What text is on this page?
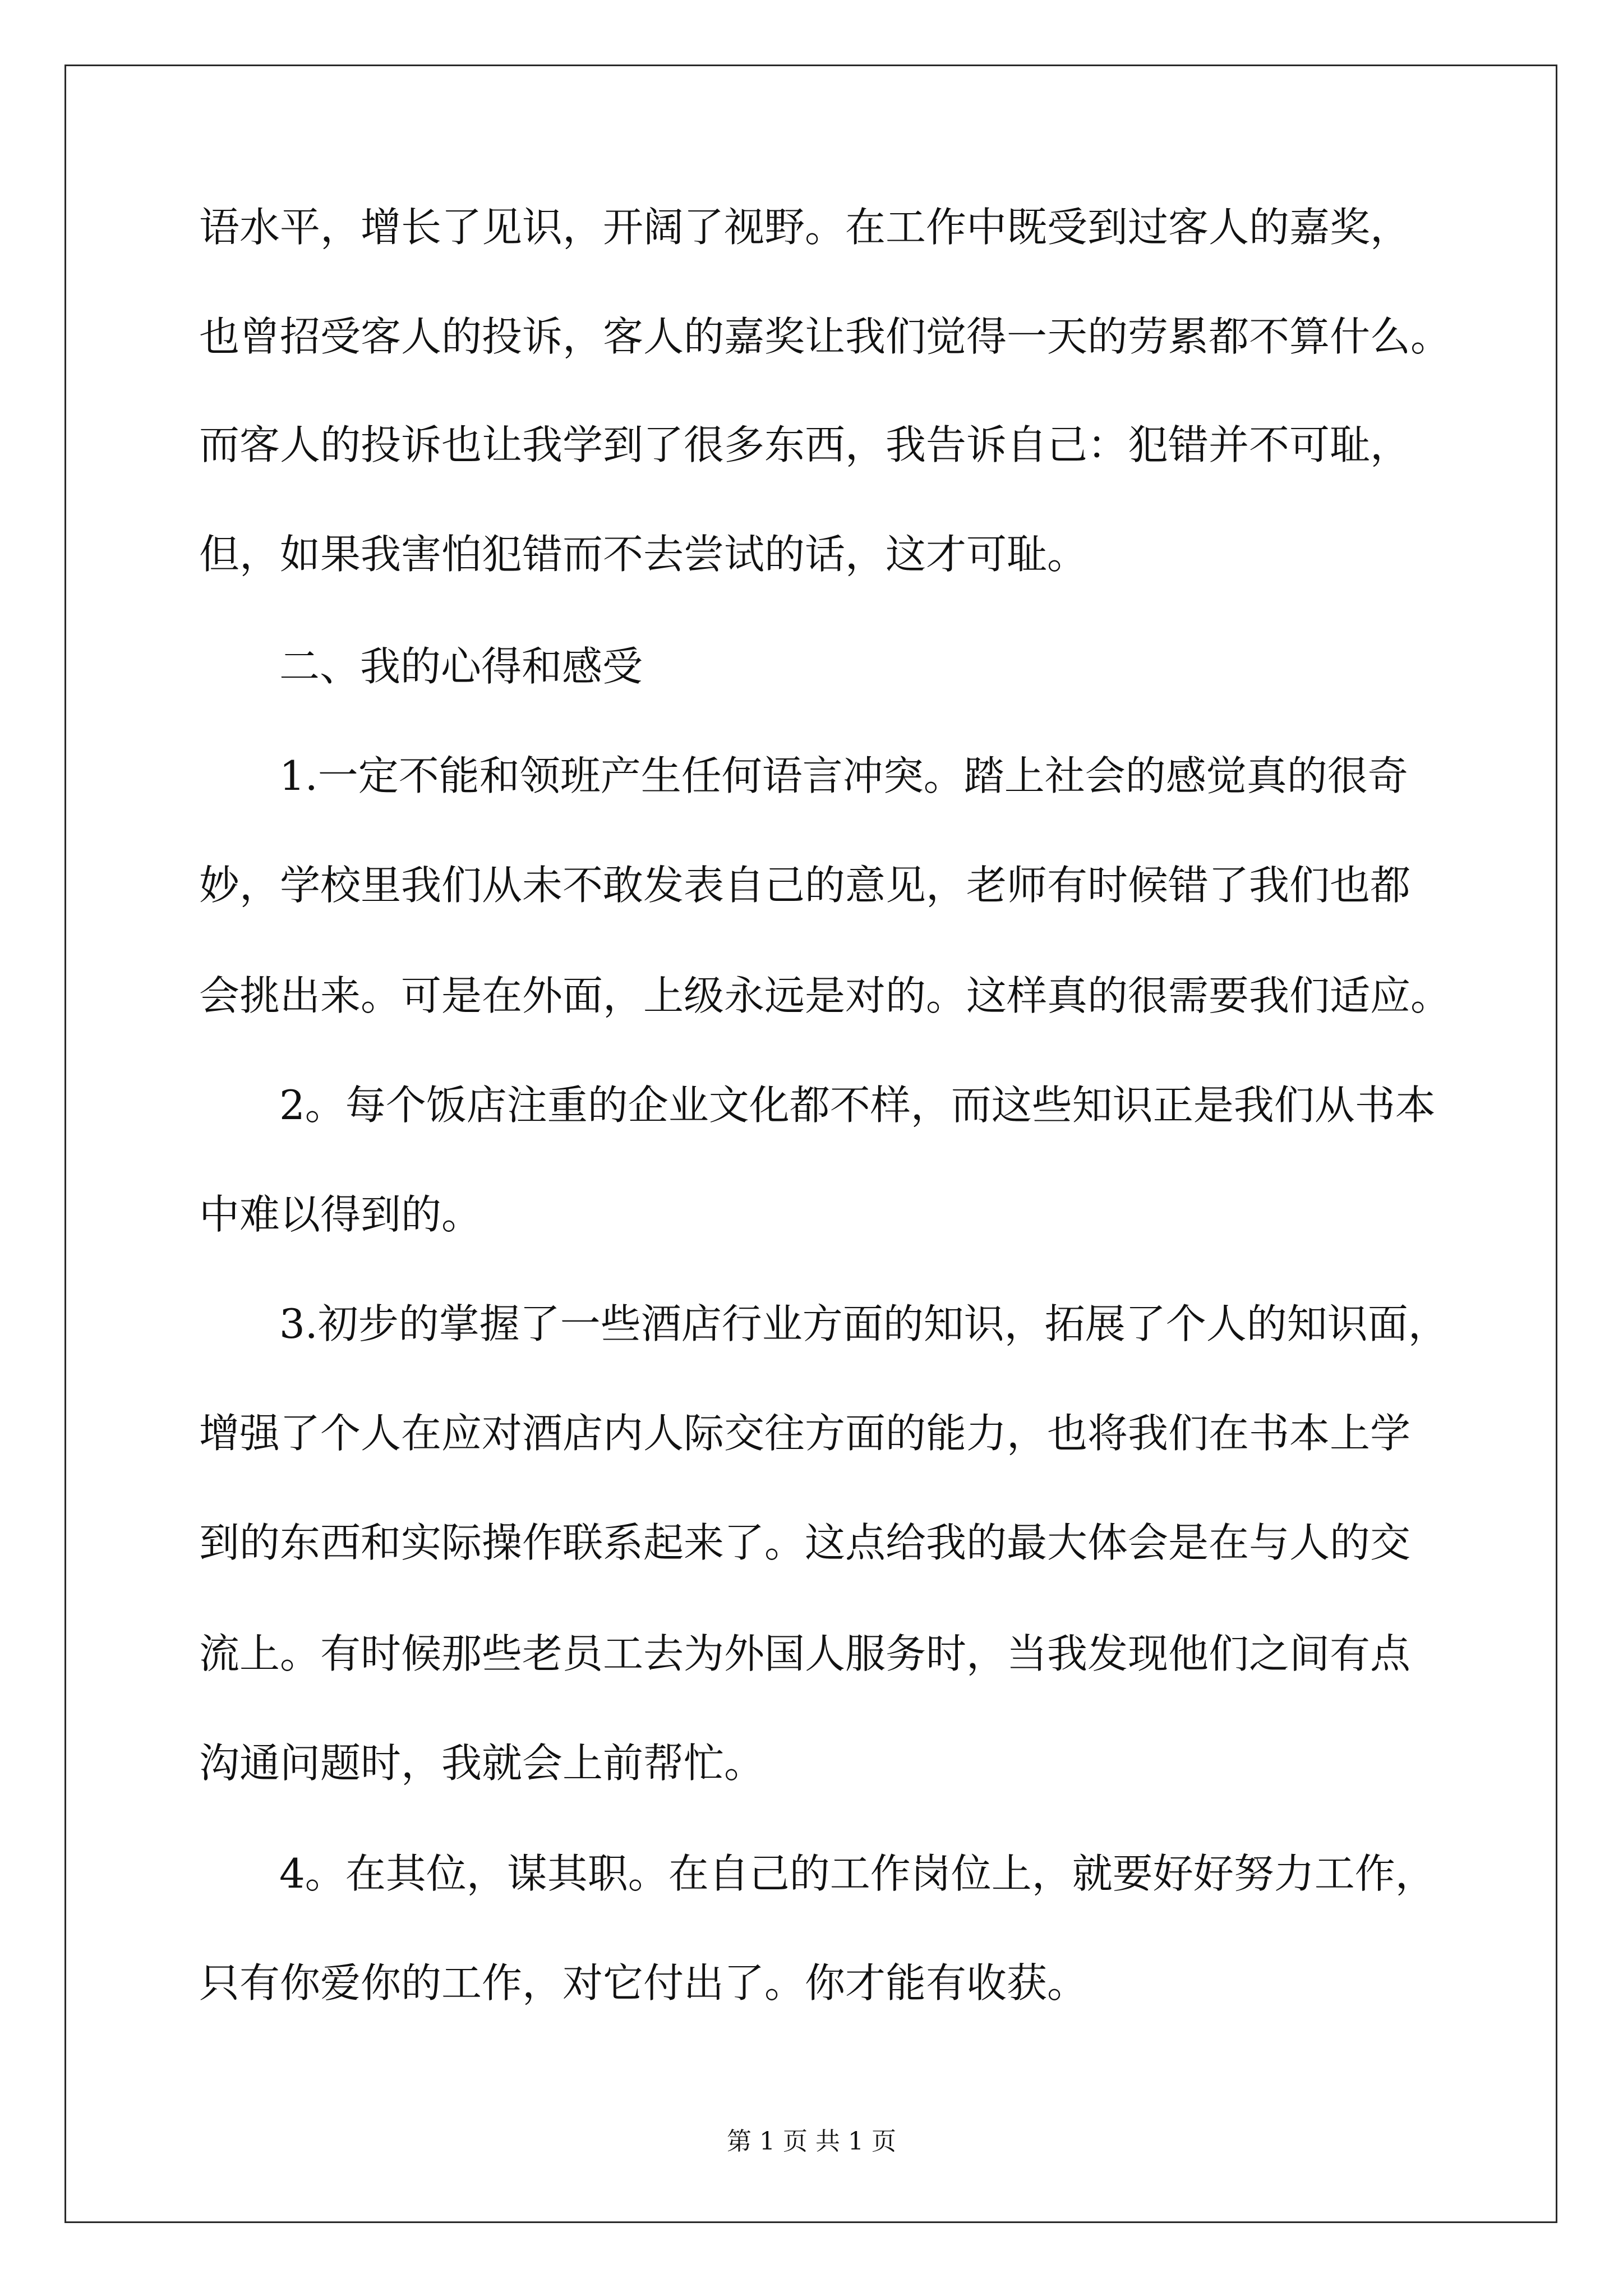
语水平，增长了见识，开阔了视野。在工作中既受到过客人的嘉奖，
也曾招受客人的投诉，客人的嘉奖让我们觉得一天的劳累都不算什么。
而客人的投诉也让我学到了很多东西，我告诉自己：犯错并不可耻，
但，如果我害怕犯错而不去尝试的话，这才可耻。
二、我的心得和感受
1.一定不能和领班产生任何语言冲突。踏上社会的感觉真的很奇
妙，学校里我们从未不敢发表自己的意见，老师有时候错了我们也都
会挑出来。可是在外面，上级永远是对的。这样真的很需要我们适应。
2。每个饭店注重的企业文化都不样，而这些知识正是我们从书本
中难以得到的。
3.初步的掌握了一些酒店行业方面的知识，拓展了个人的知识面，
增强了个人在应对酒店内人际交往方面的能力，也将我们在书本上学
到的东西和实际操作联系起来了。这点给我的最大体会是在与人的交
流上。有时候那些老员工去为外国人服务时，当我发现他们之间有点
沟通问题时，我就会上前帮忙。
4。在其位，谋其职。在自己的工作岗位上，就要好好努力工作，
只有你爱你的工作，对它付出了。你才能有收获。
第 1 页 共 1 页
